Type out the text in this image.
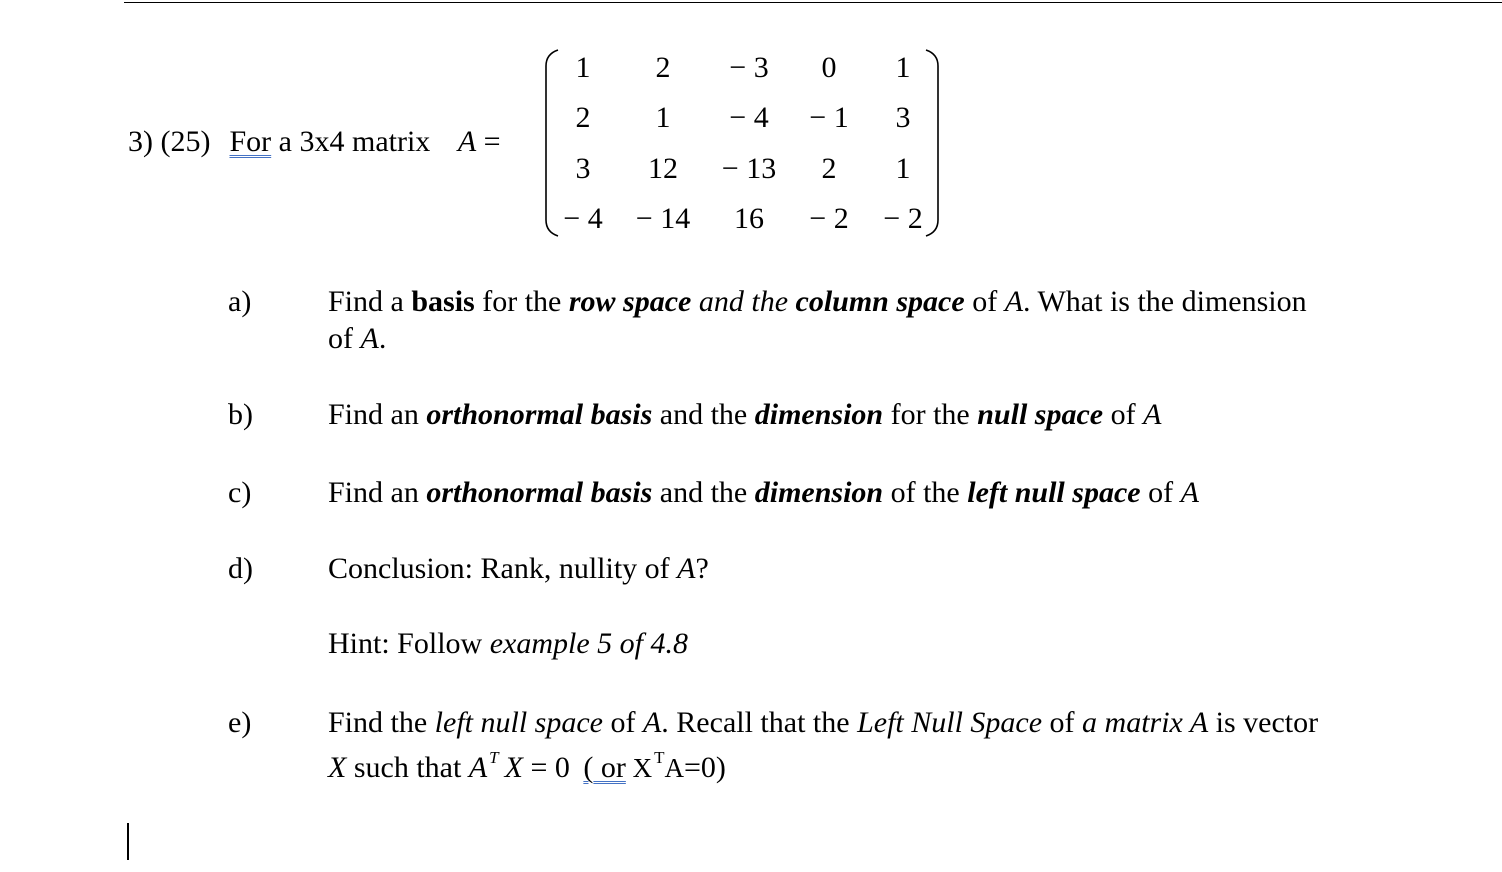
3) (25) For a 3x4 matrix A =
1	2	− 3	0	1
2	1	− 4	− 1	3
3	12	− 13	2	1
− 4	− 14	16	− 2	− 2
a)	Find a basis for the row space and the column space of A. What is the dimension
of A.
b)	Find an orthonormal basis and the dimension for the null space of A
c)	Find an orthonormal basis and the dimension of the left null space of A
d)	Conclusion: Rank, nullity of A?
Hint: Follow example 5 of 4.8
e)	Find the left null space of A. Recall that the Left Null Space of a matrix A is vector
X such that A $^T$ X = 0 ( or X $^T$A=0)
